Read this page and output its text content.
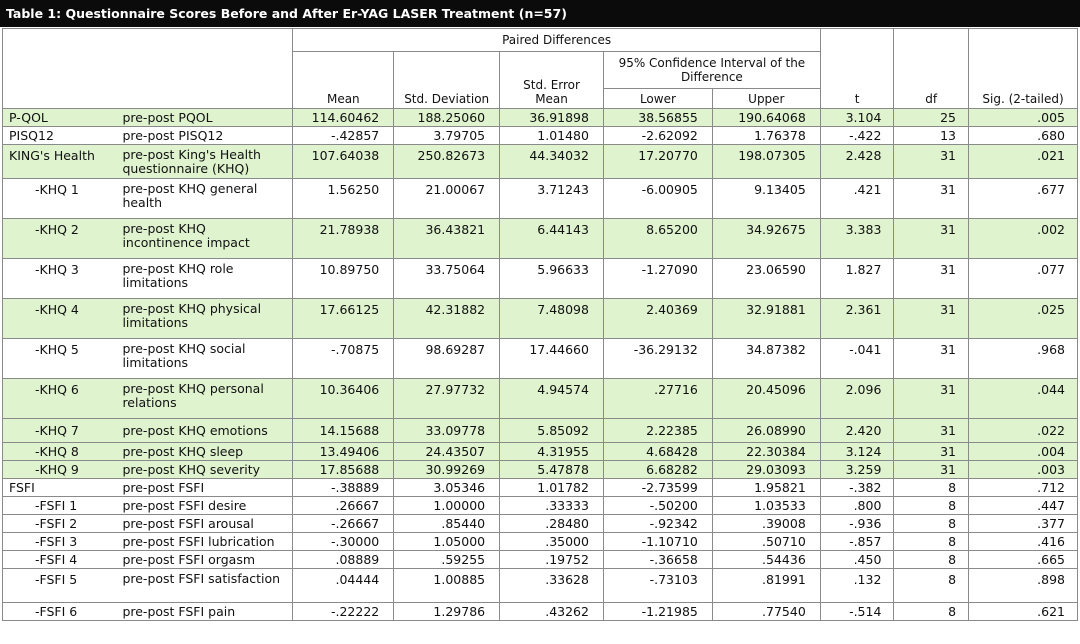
Table 1: Questionnaire Scores Before and After Er-YAG LASER Treatment (n=57)
		Paired Differences					t	df	Sig. (2-tailed)
		Mean	Std. Deviation	Std. Error Mean	95% Confidence Interval of the Difference				
					Lower	Upper			
P-QOL	pre-post PQOL	114.60462	188.25060	36.91898	38.56855	190.64068	3.104	25	.005
PISQ12	pre-post PISQ12	-.42857	3.79705	1.01480	-2.62092	1.76378	-.422	13	.680
KING's Health	pre-post King's Health questionnaire (KHQ)	107.64038	250.82673	44.34032	17.20770	198.07305	2.428	31	.021
-KHQ 1	pre-post KHQ general health	1.56250	21.00067	3.71243	-6.00905	9.13405	.421	31	.677
-KHQ 2	pre-post KHQ incontinence impact	21.78938	36.43821	6.44143	8.65200	34.92675	3.383	31	.002
-KHQ 3	pre-post KHQ role limitations	10.89750	33.75064	5.96633	-1.27090	23.06590	1.827	31	.077
-KHQ 4	pre-post KHQ physical limitations	17.66125	42.31882	7.48098	2.40369	32.91881	2.361	31	.025
-KHQ 5	pre-post KHQ social limitations	-.70875	98.69287	17.44660	-36.29132	34.87382	-.041	31	.968
-KHQ 6	pre-post KHQ personal relations	10.36406	27.97732	4.94574	.27716	20.45096	2.096	31	.044
-KHQ 7	pre-post KHQ emotions	14.15688	33.09778	5.85092	2.22385	26.08990	2.420	31	.022
-KHQ 8	pre-post KHQ sleep	13.49406	24.43507	4.31955	4.68428	22.30384	3.124	31	.004
-KHQ 9	pre-post KHQ severity	17.85688	30.99269	5.47878	6.68282	29.03093	3.259	31	.003
FSFI	pre-post FSFI	-.38889	3.05346	1.01782	-2.73599	1.95821	-.382	8	.712
-FSFI 1	pre-post FSFI desire	.26667	1.00000	.33333	-.50200	1.03533	.800	8	.447
-FSFI 2	pre-post FSFI arousal	-.26667	.85440	.28480	-.92342	.39008	-.936	8	.377
-FSFI 3	pre-post FSFI lubrication	-.30000	1.05000	.35000	-1.10710	.50710	-.857	8	.416
-FSFI 4	pre-post FSFI orgasm	.08889	.59255	.19752	-.36658	.54436	.450	8	.665
-FSFI 5	pre-post FSFI satisfaction	.04444	1.00885	.33628	-.73103	.81991	.132	8	.898
-FSFI 6	pre-post FSFI pain	-.22222	1.29786	.43262	-1.21985	.77540	-.514	8	.621
